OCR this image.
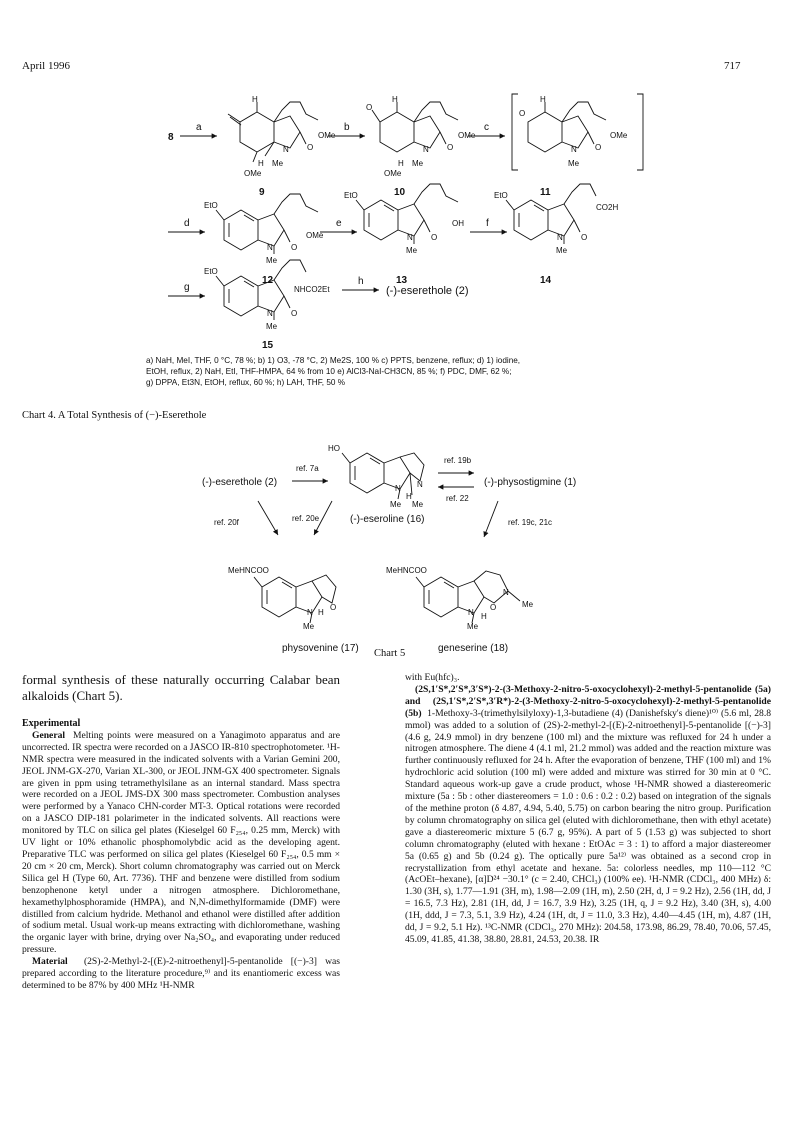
April 1996	717
8
a
H
N O
OMe
H Me
OMe
9
b
O
H
N O
OMe
H Me
OMe
10
c
O
H
N O
OMe
Me
11
d
EtO
N O
OMe
Me
12
e
EtO
N O
OH
Me
13
f
EtO
N O
CO2H
Me
14
g
EtO
N O
NHCO2Et
Me
15
h
(-)-eserethole (2)
a) NaH, MeI, THF, 0 °C, 78 %; b) 1) O3, -78 °C, 2) Me2S, 100 % c) PPTS, benzene, reflux; d) 1) iodine,
EtOH, reflux, 2) NaH, EtI, THF-HMPA, 64 % from 10 e) AlCl3-NaI-CH3CN, 85 %; f) PDC, DMF, 62 %;
g) DPPA, Et3N, EtOH, reflux, 60 %; h) LAH, THF, 50 %
Chart 4. A Total Synthesis of (−)-Eserethole
(-)-eserethole (2)
ref. 7a
HO
N N
H
Me Me
ref. 19b
ref. 22
(-)-physostigmine (1)
(-)-eseroline (16)
ref. 20f	ref. 20e	ref. 19c, 21c
MeHNCOO
N
O
H
Me
physovenine (17)
MeHNCOO
N
O
N
Me
H
Me
geneserine (18)
Chart 5

formal synthesis of these naturally occurring Calabar bean alkaloids (Chart 5).

Experimental

General Melting points were measured on a Yanagimoto apparatus and are uncorrected. IR spectra were recorded on a JASCO IR-810 spectrophotometer. ¹H-NMR spectra were measured in the indicated solvents with a Varian Gemini 200, JEOL JNM-GX-270, Varian XL-300, or JEOL JNM-GX 400 spectrometer. Signals are given in ppm using tetramethylsilane as an internal standard. Mass spectra were recorded on a JEOL JMS-DX 300 mass spectrometer. Combustion analyses were performed by a Yanaco CHN-corder MT-3. Optical rotations were recorded on a JASCO DIP-181 polarimeter in the indicated solvents. All reactions were monitored by TLC on silica gel plates (Kieselgel 60 F₂₅₄, 0.25 mm, Merck) with UV light or 10% ethanolic phosphomolybdic acid as the developing agent. Preparative TLC was performed on silica gel plates (Kieselgel 60 F₂₅₄, 0.5 mm × 20 cm × 20 cm, Merck). Short column chromatography was carried out on Merck Silica gel H (Type 60, Art. 7736). THF and benzene were distilled from sodium benzophenone ketyl under a nitrogen atmosphere. Dichloromethane, hexamethylphosphoramide (HMPA), and N,N-dimethylformamide (DMF) were distilled from calcium hydride. Methanol and ethanol were distilled after addition of sodium metal. Usual work-up means extracting with dichloromethane, washing the organic layer with brine, drying over Na₂SO₄, and evaporating under reduced pressure.

Material (2S)-2-Methyl-2-[(E)-2-nitroethenyl]-5-pentanolide [(−)-3] was prepared according to the literature procedure,⁹⁾ and its enantiomeric excess was determined to be 87% by 400 MHz ¹H-NMR

with Eu(hfc)₃.

(2S,1′S*,2′S*,3′S*)-2-(3-Methoxy-2-nitro-5-oxocyclohexyl)-2-methyl-5-pentanolide (5a) and (2S,1′S*,2′S*,3′R*)-2-(3-Methoxy-2-nitro-5-oxocyclohexyl)-2-methyl-5-pentanolide (5b) 1-Methoxy-3-(trimethylsilyloxy)-1,3-butadiene (4) (Danishefsky's diene)¹⁰⁾ (5.6 ml, 28.8 mmol) was added to a solution of (2S)-2-methyl-2-[(E)-2-nitroethenyl]-5-pentanolide [(−)-3] (4.6 g, 24.9 mmol) in dry benzene (100 ml) and the mixture was refluxed for 24 h under a nitrogen atmosphere. The diene 4 (4.1 ml, 21.2 mmol) was added and the reaction mixture was further continuously refluxed for 24 h. After the evaporation of benzene, THF (100 ml) and 1% hydrochloric acid solution (100 ml) were added and mixture was stirred for 30 min at 0 °C. Standard aqueous work-up gave a crude product, whose ¹H-NMR showed a diastereomeric mixture (5a : 5b : other diastereomers = 1.0 : 0.6 : 0.2 : 0.2) based on integration of the signals of the methine proton (δ 4.87, 4.94, 5.40, 5.75) on carbon bearing the nitro group. Purification by column chromatography on silica gel (eluted with dichloromethane, then with ethyl acetate) gave a diastereomeric mixture 5 (6.7 g, 95%). A part of 5 (1.53 g) was subjected to short column chromatography (eluted with hexane : EtOAc = 3 : 1) to afford a major diastereomer 5a (0.65 g) and 5b (0.24 g). The optically pure 5a¹²⁾ was obtained as a second crop in recrystallization from ethyl acetate and hexane. 5a: colorless needles, mp 110—112 °C (AcOEt–hexane), [α]D²⁴ −30.1° (c = 2.40, CHCl₃) (100% ee). ¹H-NMR (CDCl₃, 400 MHz) δ: 1.30 (3H, s), 1.77—1.91 (3H, m), 1.98—2.09 (1H, m), 2.50 (2H, d, J = 9.2 Hz), 2.56 (1H, dd, J = 16.5, 7.3 Hz), 2.81 (1H, dd, J = 16.7, 3.9 Hz), 3.25 (1H, q, J = 9.2 Hz), 3.40 (3H, s), 4.00 (1H, ddd, J = 7.3, 5.1, 3.9 Hz), 4.24 (1H, dt, J = 11.0, 3.3 Hz), 4.40—4.45 (1H, m), 4.87 (1H, dd, J = 9.2, 5.1 Hz). ¹³C-NMR (CDCl₃, 270 MHz): 204.58, 173.98, 86.29, 78.40, 70.06, 57.45, 45.09, 41.85, 41.38, 38.80, 28.81, 24.53, 20.38. IR
